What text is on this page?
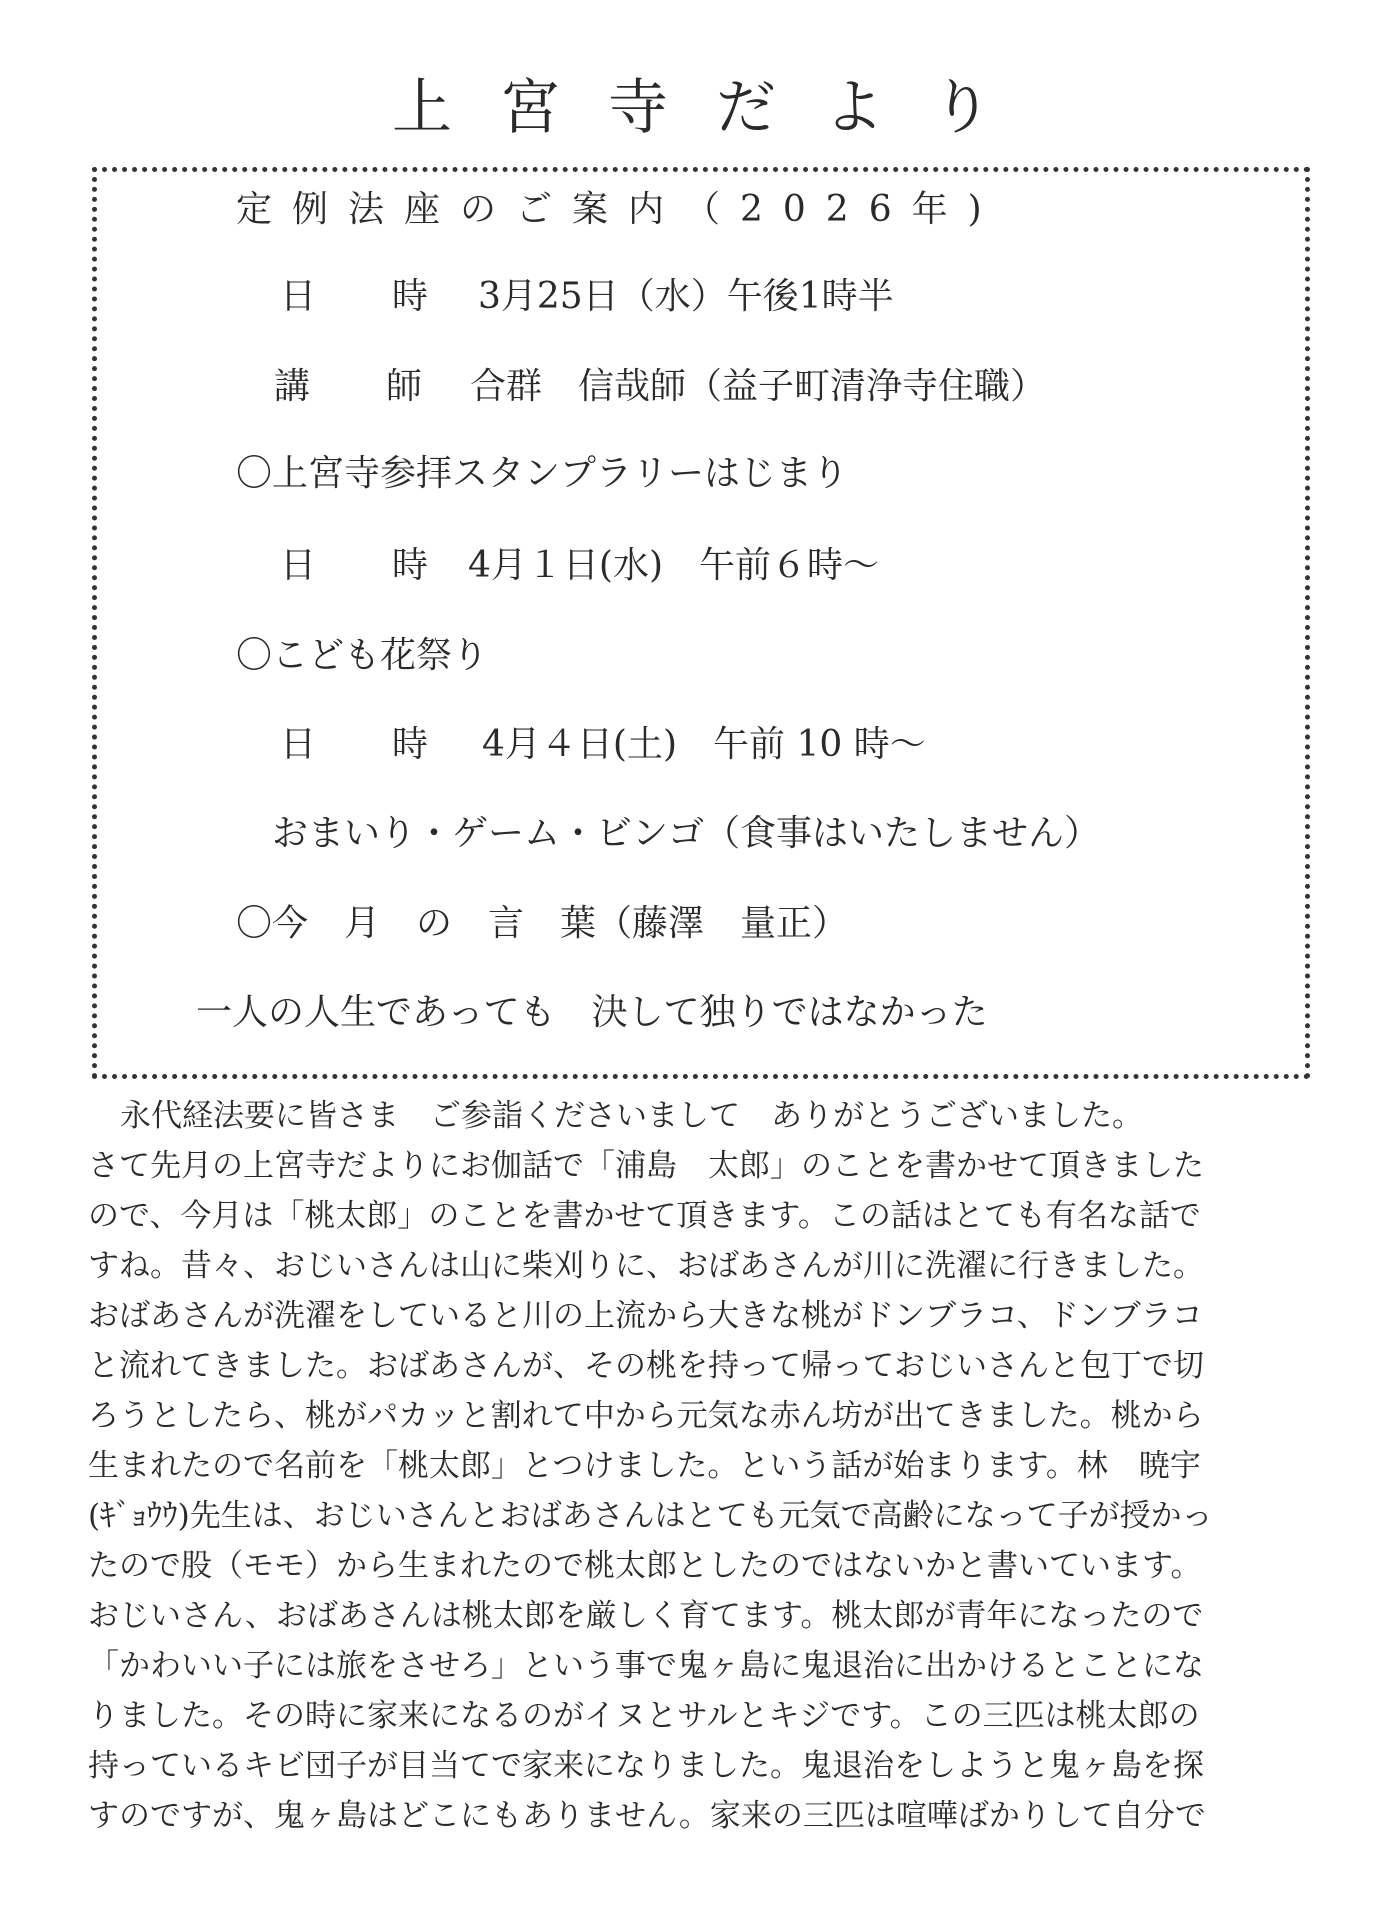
上宮寺だより
定例法座のご案内（2026年)
日　時 3月25日（水）午後1時半
講　師 合群　信哉師（益子町清浄寺住職）
〇上宮寺参拝スタンプラリーはじまり
日　時 4月１日(水)　午前６時～
〇こども花祭り
日　時 4月４日(土)　午前 10 時～
おまいり・ゲーム・ビンゴ（食事はいたしません）
〇今　月　の　言　葉（藤澤　量正）
一人の人生であっても　決して独りではなかった

永代経法要に皆さま　ご参詣くださいまして　ありがとうございました。

さて先月の上宮寺だよりにお伽話で「浦島　太郎」のことを書かせて頂きました

ので、今月は「桃太郎」のことを書かせて頂きます。この話はとても有名な話で

すね。昔々、おじいさんは山に柴刈りに、おばあさんが川に洗濯に行きました。

おばあさんが洗濯をしていると川の上流から大きな桃がドンブラコ、ドンブラコ

と流れてきました。おばあさんが、その桃を持って帰っておじいさんと包丁で切

ろうとしたら、桃がパカッと割れて中から元気な赤ん坊が出てきました。桃から

生まれたので名前を「桃太郎」とつけました。という話が始まります。林　暁宇

(ｷﾞｮｳｳ)先生は、おじいさんとおばあさんはとても元気で高齢になって子が授かっ

たので股（モモ）から生まれたので桃太郎としたのではないかと書いています。

おじいさん、おばあさんは桃太郎を厳しく育てます。桃太郎が青年になったので

「かわいい子には旅をさせろ」という事で鬼ヶ島に鬼退治に出かけるとことにな

りました。その時に家来になるのがイヌとサルとキジです。この三匹は桃太郎の

持っているキビ団子が目当てで家来になりました。鬼退治をしようと鬼ヶ島を探

すのですが、鬼ヶ島はどこにもありません。家来の三匹は喧嘩ばかりして自分で
